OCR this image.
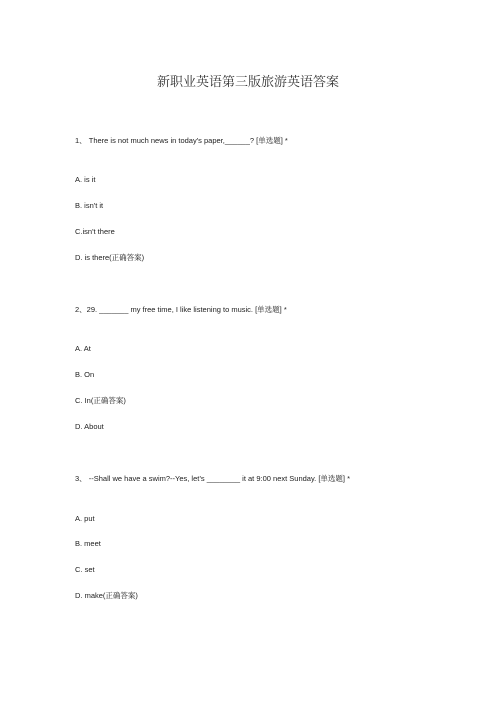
新职业英语第三版旅游英语答案
1、 There is not much news in today's paper,______? [单选题] *
A. is it
B. isn't it
C.isn't there
D. is there(正确答案)
2、29. _______ my free time, I like listening to music. [单选题] *
A. At
B. On
C. In(正确答案)
D. About
3、 --Shall we have a swim?--Yes, let’s ________ it at 9:00 next Sunday. [单选题] *
A. put
B. meet
C. set
D. make(正确答案)
